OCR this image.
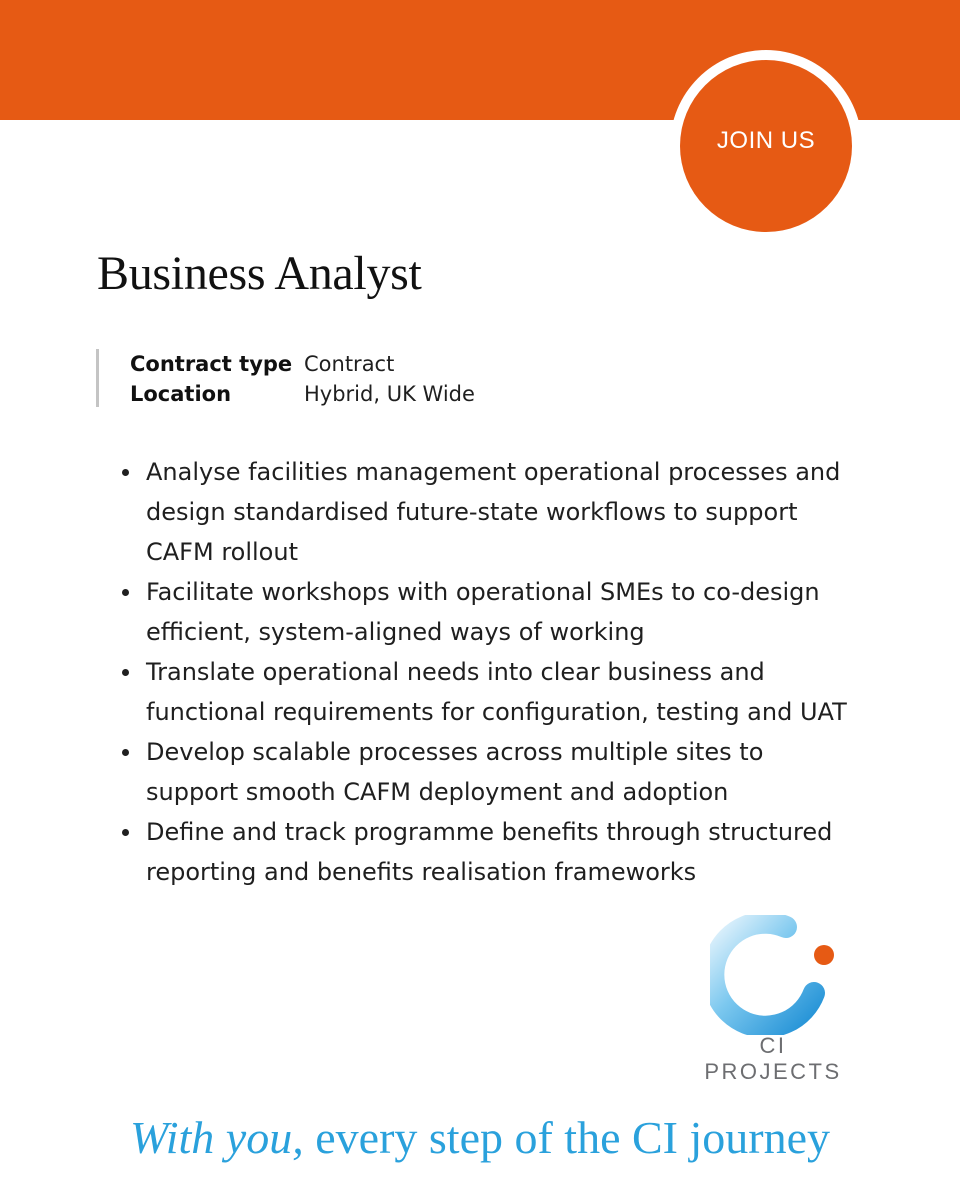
JOIN US
Business Analyst
Contract type Contract
Location	Hybrid, UK Wide
Analyse facilities management operational processes and design standardised future-state workflows to support CAFM rollout
Facilitate workshops with operational SMEs to co-design efficient, system-aligned ways of working
Translate operational needs into clear business and functional requirements for configuration, testing and UAT
Develop scalable processes across multiple sites to support smooth CAFM deployment and adoption
Define and track programme benefits through structured reporting and benefits realisation frameworks
CI PROJECTS
With you, every step of the CI journey
